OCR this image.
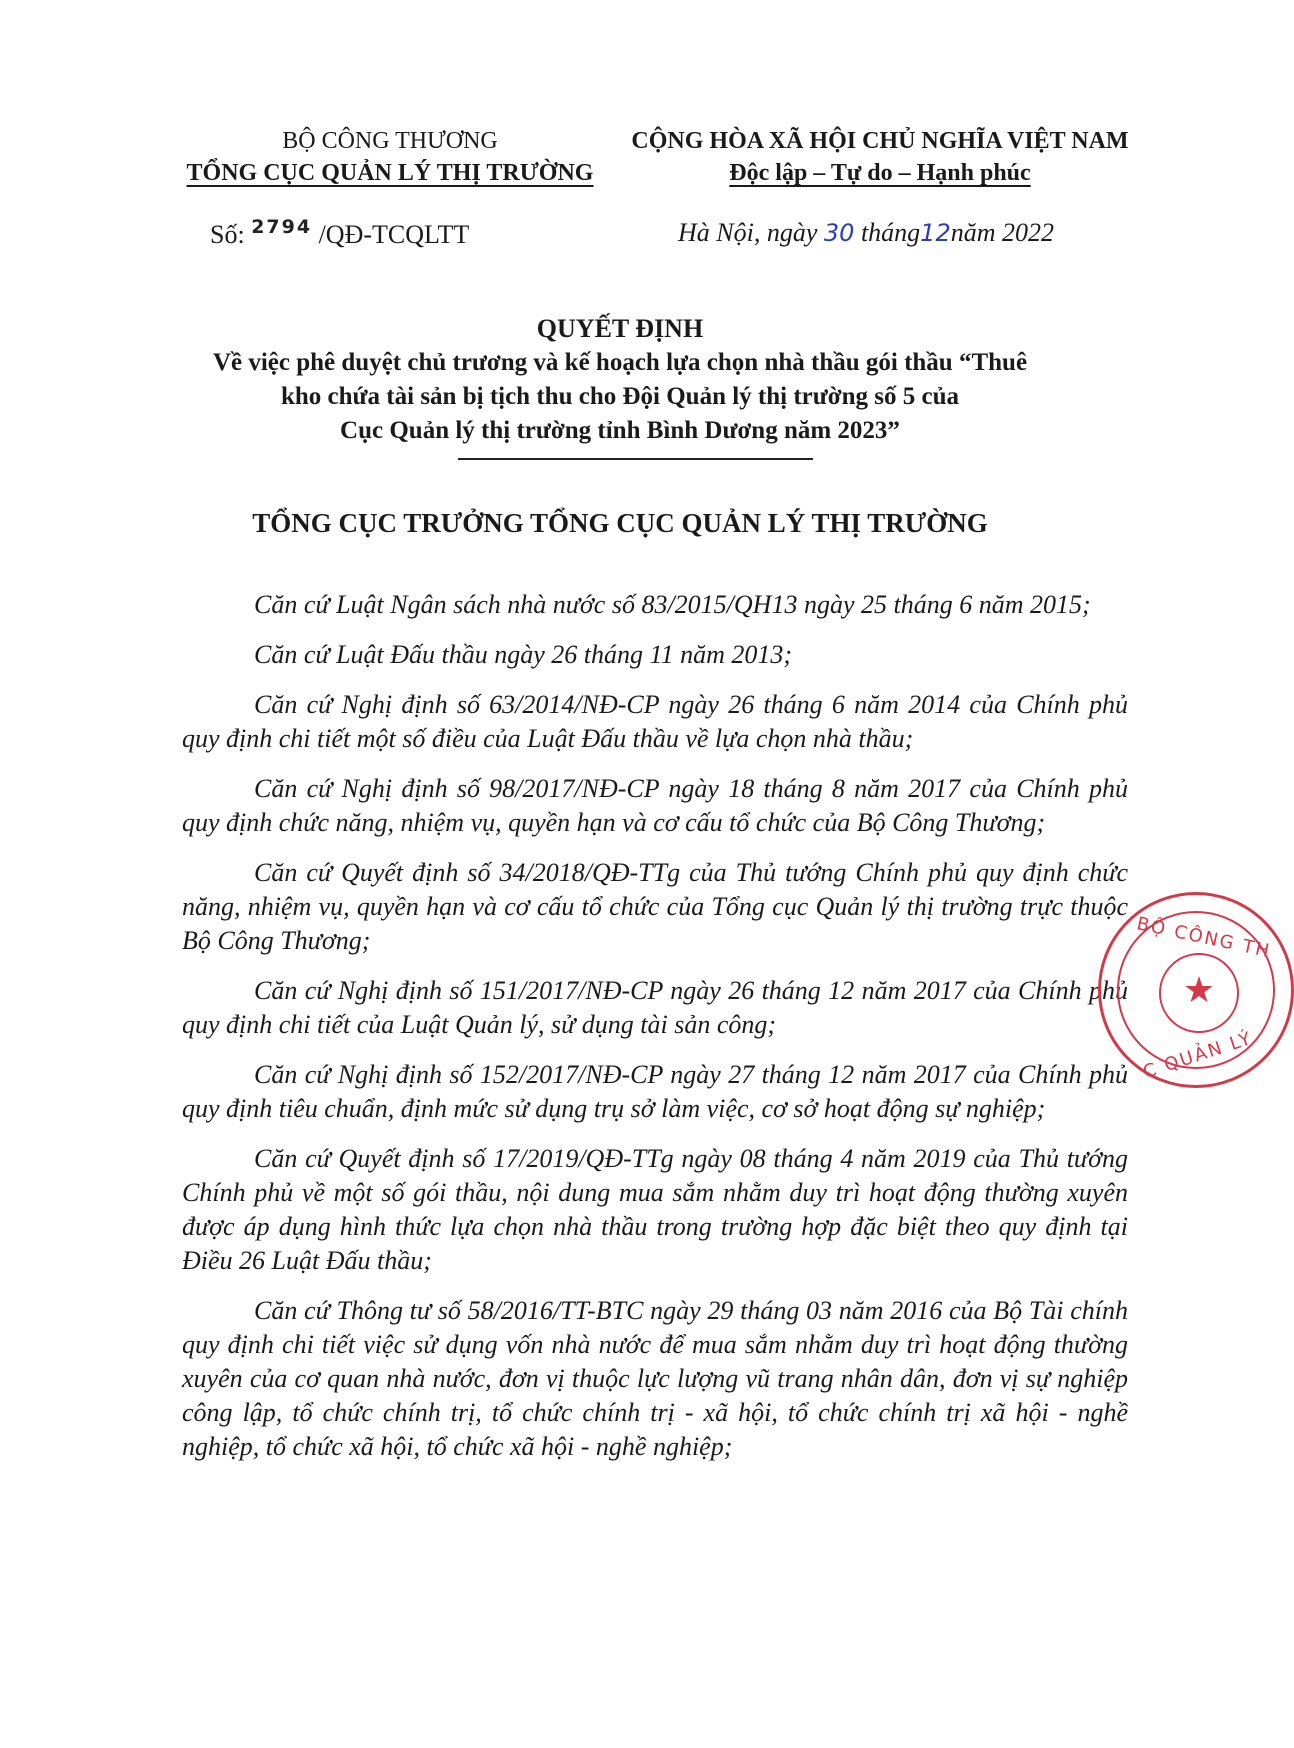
BỘ CÔNG THƯƠNG
TỔNG CỤC QUẢN LÝ THỊ TRƯỜNG
CỘNG HÒA XÃ HỘI CHỦ NGHĨA VIỆT NAM
Độc lập – Tự do – Hạnh phúc
Số: $^{2794}$ /QĐ-TCQLTT	Hà Nội, ngày 30 tháng12năm 2022
QUYẾT ĐỊNH
Về việc phê duyệt chủ trương và kế hoạch lựa chọn nhà thầu gói thầu “Thuê
kho chứa tài sản bị tịch thu cho Đội Quản lý thị trường số 5 của
Cục Quản lý thị trường tỉnh Bình Dương năm 2023”
TỔNG CỤC TRƯỞNG TỔNG CỤC QUẢN LÝ THỊ TRƯỜNG

Căn cứ Luật Ngân sách nhà nước số 83/2015/QH13 ngày 25 tháng 6 năm 2015;

Căn cứ Luật Đấu thầu ngày 26 tháng 11 năm 2013;

Căn cứ Nghị định số 63/2014/NĐ-CP ngày 26 tháng 6 năm 2014 của Chính phủ quy định chi tiết một số điều của Luật Đấu thầu về lựa chọn nhà thầu;

Căn cứ Nghị định số 98/2017/NĐ-CP ngày 18 tháng 8 năm 2017 của Chính phủ quy định chức năng, nhiệm vụ, quyền hạn và cơ cấu tổ chức của Bộ Công Thương;

Căn cứ Quyết định số 34/2018/QĐ-TTg của Thủ tướng Chính phủ quy định chức năng, nhiệm vụ, quyền hạn và cơ cấu tổ chức của Tổng cục Quản lý thị trường trực thuộc Bộ Công Thương;

Căn cứ Nghị định số 151/2017/NĐ-CP ngày 26 tháng 12 năm 2017 của Chính phủ quy định chi tiết của Luật Quản lý, sử dụng tài sản công;

Căn cứ Nghị định số 152/2017/NĐ-CP ngày 27 tháng 12 năm 2017 của Chính phủ quy định tiêu chuẩn, định mức sử dụng trụ sở làm việc, cơ sở hoạt động sự nghiệp;

Căn cứ Quyết định số 17/2019/QĐ-TTg ngày 08 tháng 4 năm 2019 của Thủ tướng Chính phủ về một số gói thầu, nội dung mua sắm nhằm duy trì hoạt động thường xuyên được áp dụng hình thức lựa chọn nhà thầu trong trường hợp đặc biệt theo quy định tại Điều 26 Luật Đấu thầu;

Căn cứ Thông tư số 58/2016/TT-BTC ngày 29 tháng 03 năm 2016 của Bộ Tài chính quy định chi tiết việc sử dụng vốn nhà nước để mua sắm nhằm duy trì hoạt động thường xuyên của cơ quan nhà nước, đơn vị thuộc lực lượng vũ trang nhân dân, đơn vị sự nghiệp công lập, tổ chức chính trị, tổ chức chính trị - xã hội, tổ chức chính trị xã hội - nghề nghiệp, tổ chức xã hội, tổ chức xã hội - nghề nghiệp;

BỘ CÔNG TH
★
C QUẢN LÝ
